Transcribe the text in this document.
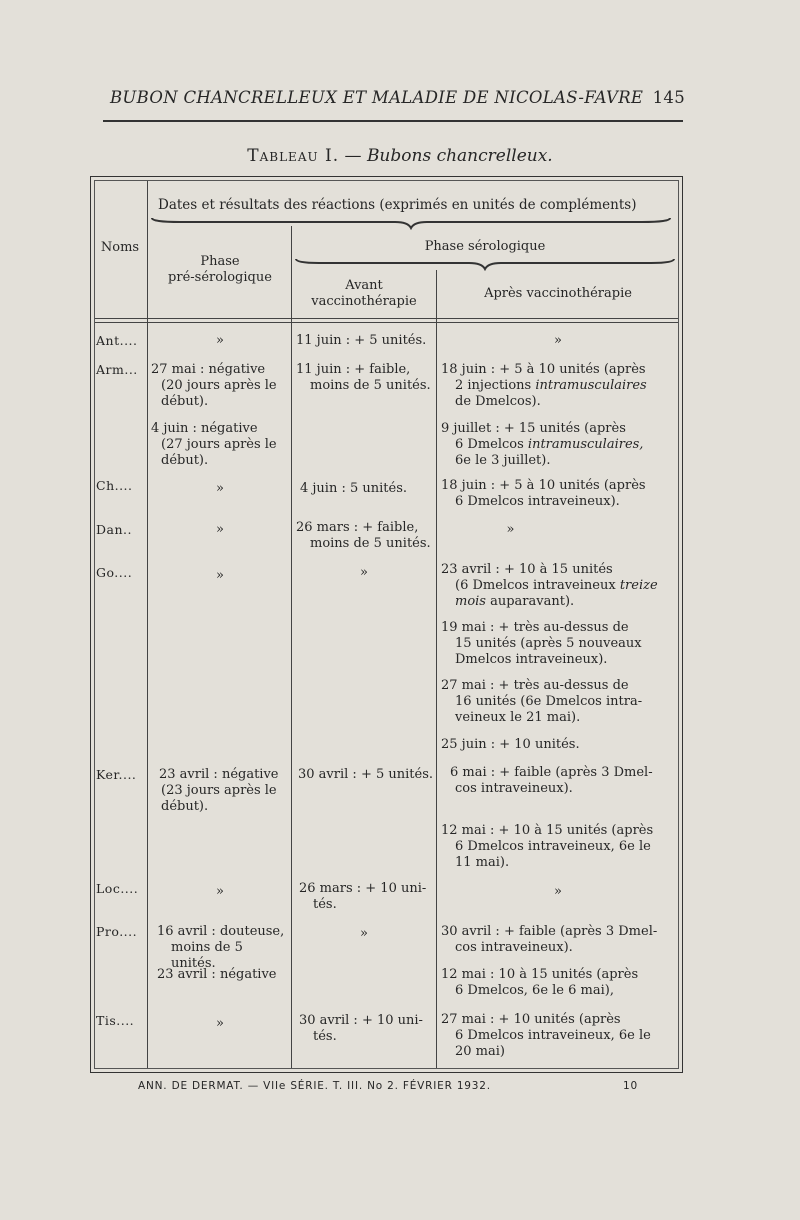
BUBON CHANCRELLEUX ET MALADIE DE NICOLAS-FAVRE 145
Tableau I. — Bubons chancrelleux.
Dates et résultats des réactions (exprimés en unités de compléments)
Noms
Phase
pré-sérologique
Phase sérologique
Avant
vaccinothérapie
Après vaccinothérapie
Ant....
Arm...
Ch....
Dan..
Go....
Ker....
Loc....
Pro....
Tis....
»
27 mai : négative
(20 jours après le
début).
4 juin : négative
(27 jours après le
début).
»
»
»
23 avril : négative
(23 jours après le
début).
»
16 avril : douteuse,
moins de 5 unités.
23 avril : négative
»
11 juin : + 5 unités.
11 juin : + faible,
moins de 5 unités.
4 juin : 5 unités.
26 mars : + faible,
moins de 5 unités.
»
30 avril : + 5 unités.
26 mars : + 10 uni-
tés.
»
30 avril : + 10 uni-
tés.
»
18 juin : + 5 à 10 unités (après
2 injections intramusculaires
de Dmelcos).
9 juillet : + 15 unités (après
6 Dmelcos intramusculaires,
6e le 3 juillet).
18 juin : + 5 à 10 unités (après
6 Dmelcos intraveineux).
»
23 avril : + 10 à 15 unités
(6 Dmelcos intraveineux treize
mois auparavant).
19 mai : + très au-dessus de
15 unités (après 5 nouveaux
Dmelcos intraveineux).
27 mai : + très au-dessus de
16 unités (6e Dmelcos intra-
veineux le 21 mai).
25 juin : + 10 unités.
6 mai : + faible (après 3 Dmel-
cos intraveineux).
12 mai : + 10 à 15 unités (après
6 Dmelcos intraveineux, 6e le
11 mai).
»
30 avril : + faible (après 3 Dmel-
cos intraveineux).
12 mai : 10 à 15 unités (après
6 Dmelcos, 6e le 6 mai),
27 mai : + 10 unités (après
6 Dmelcos intraveineux, 6e le
20 mai)
ANN. DE DERMAT. — VIIe SÉRIE. T. III. No 2. FÉVRIER 1932.	10
